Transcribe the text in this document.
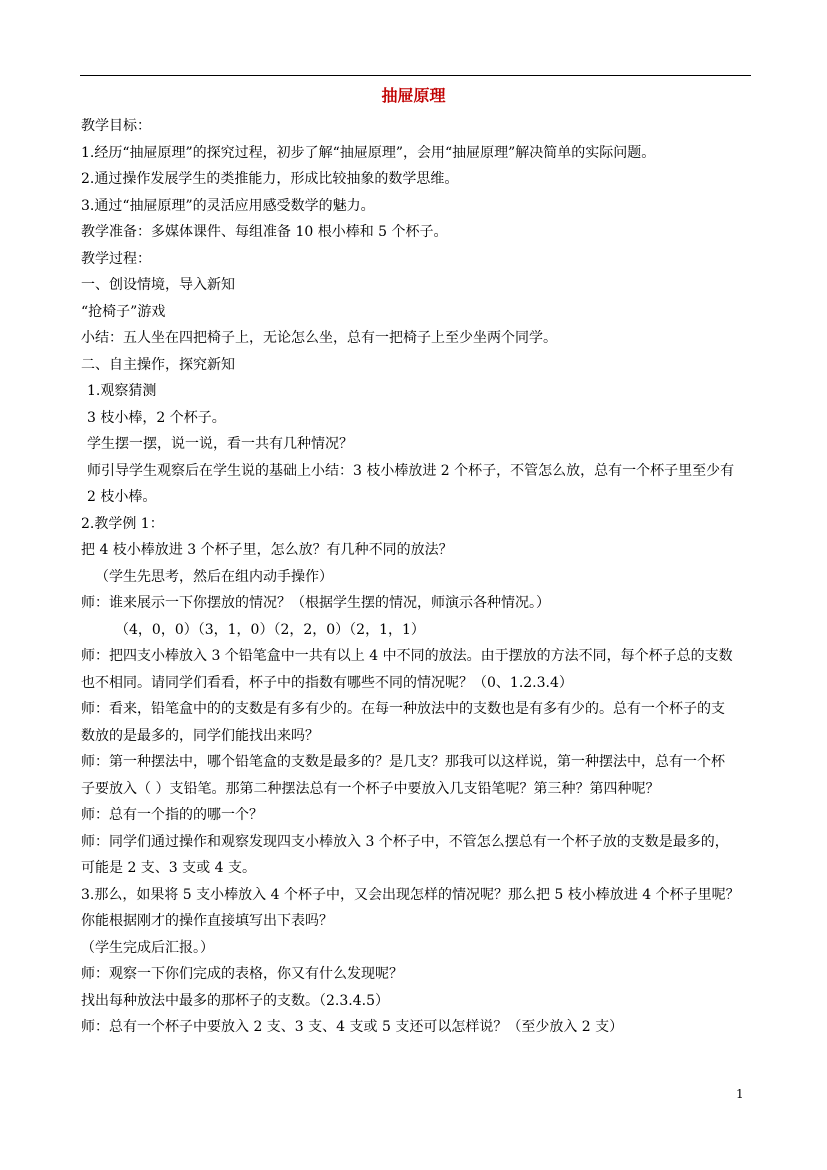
抽屉原理
教学目标：
1.经历“抽屉原理”的探究过程，初步了解“抽屉原理”，会用“抽屉原理”解决简单的实际问题。
2.通过操作发展学生的类推能力，形成比较抽象的数学思维。
3.通过“抽屉原理”的灵活应用感受数学的魅力。
教学准备：多媒体课件、每组准备 10 根小棒和 5 个杯子。
教学过程：
一、创设情境，导入新知
“抢椅子”游戏
小结：五人坐在四把椅子上，无论怎么坐，总有一把椅子上至少坐两个同学。
二、自主操作，探究新知
1.观察猜测
3 枝小棒，2 个杯子。
学生摆一摆，说一说，看一共有几种情况？
师引导学生观察后在学生说的基础上小结：3 枝小棒放进 2 个杯子，不管怎么放，总有一个杯子里至少有
2 枝小棒。
2.教学例 1：
把 4 枝小棒放进 3 个杯子里，怎么放？有几种不同的放法？
（学生先思考，然后在组内动手操作）
师：谁来展示一下你摆放的情况？（根据学生摆的情况，师演示各种情况。）
（4，0，0）（3，1，0）（2，2，0）（2，1，1）
师：把四支小棒放入 3 个铅笔盒中一共有以上 4 中不同的放法。由于摆放的方法不同，每个杯子总的支数
也不相同。请同学们看看，杯子中的指数有哪些不同的情况呢？（0、1.2.3.4）
师：看来，铅笔盒中的的支数是有多有少的。在每一种放法中的支数也是有多有少的。总有一个杯子的支
数放的是最多的，同学们能找出来吗？
师：第一种摆法中，哪个铅笔盒的支数是最多的？是几支？那我可以这样说，第一种摆法中，总有一个杯
子要放入（ ）支铅笔。那第二种摆法总有一个杯子中要放入几支铅笔呢？第三种？第四种呢？
师：总有一个指的的哪一个？
师：同学们通过操作和观察发现四支小棒放入 3 个杯子中，不管怎么摆总有一个杯子放的支数是最多的，
可能是 2 支、3 支或 4 支。
3.那么，如果将 5 支小棒放入 4 个杯子中，又会出现怎样的情况呢？那么把 5 枝小棒放进 4 个杯子里呢？
你能根据刚才的操作直接填写出下表吗？
（学生完成后汇报。）
师：观察一下你们完成的表格，你又有什么发现呢？
找出每种放法中最多的那杯子的支数。（2.3.4.5）
师：总有一个杯子中要放入 2 支、3 支、4 支或 5 支还可以怎样说？（至少放入 2 支）
1
